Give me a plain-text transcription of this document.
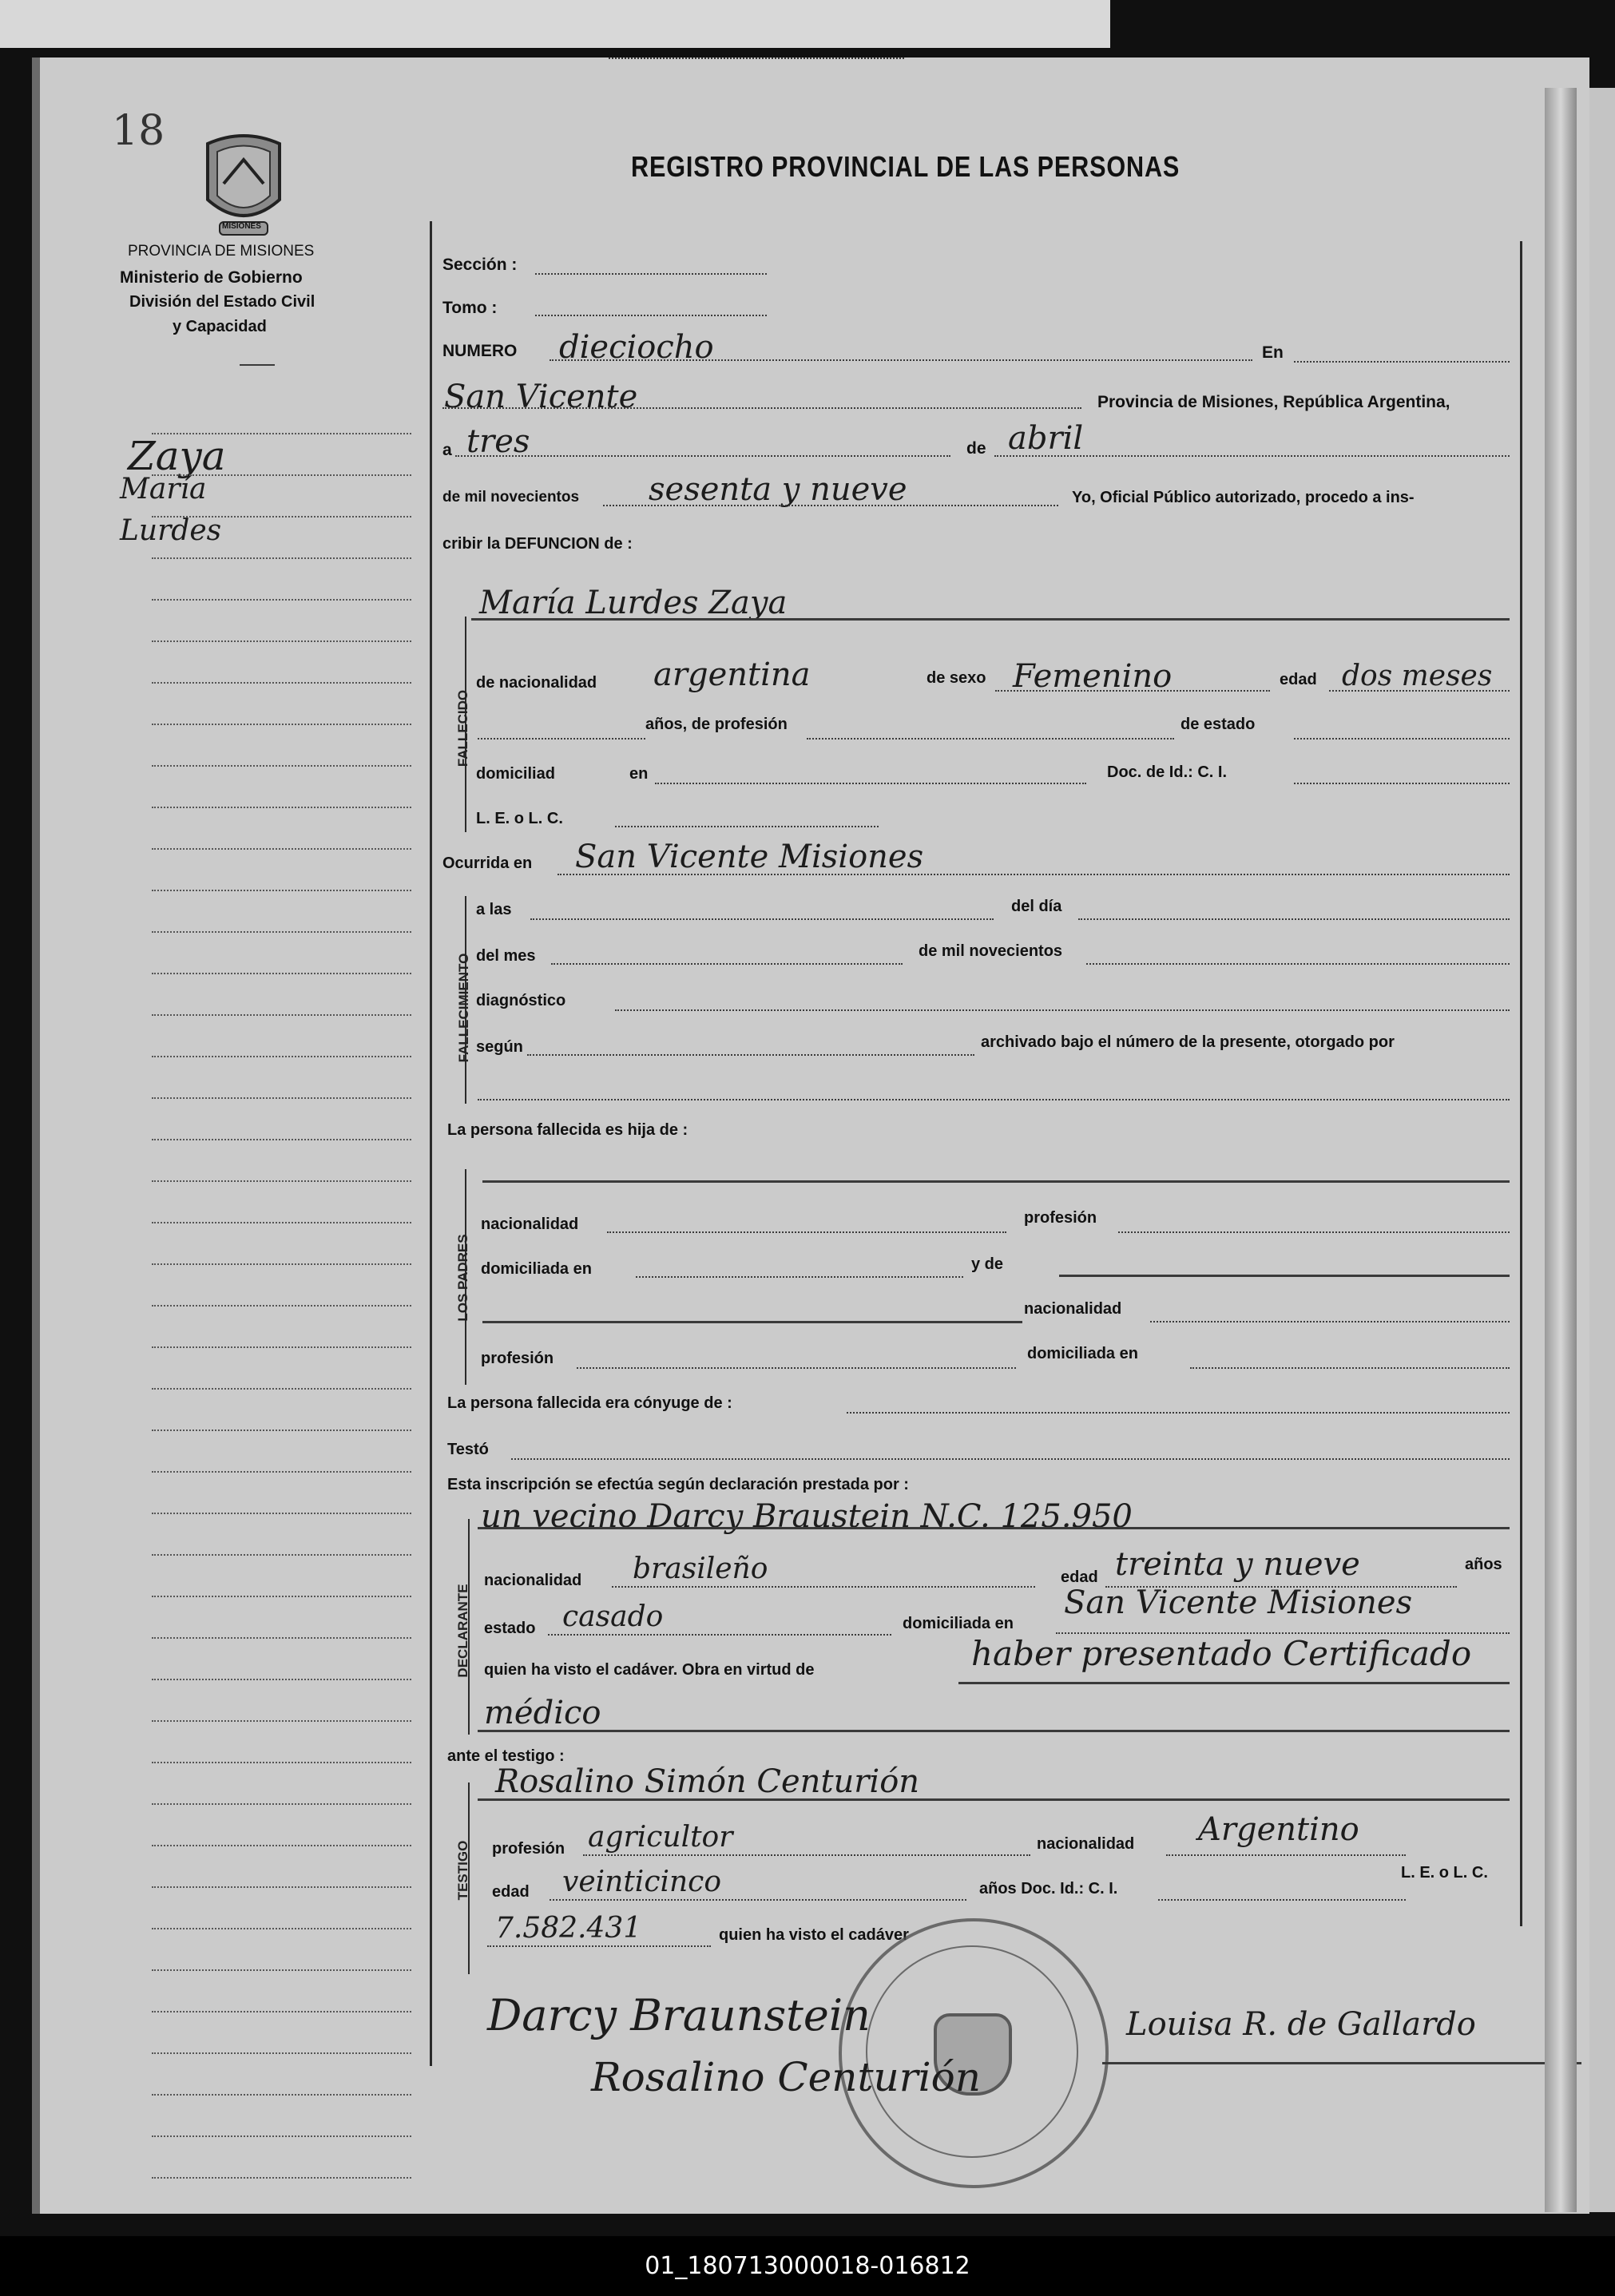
18
MISIONES
REGISTRO PROVINCIAL DE LAS PERSONAS
PROVINCIA DE MISIONES
Ministerio de Gobierno
División del Estado Civil
y Capacidad
Zaya
María
Lurdes
Sección :
Tomo :
NUMERO dieciocho	En
San Vicente	Provincia de Misiones, República Argentina,
a tres	de abril
de mil novecientos sesenta y nueve	Yo, Oficial Público autorizado, procedo a ins-
cribir la DEFUNCION de :
FALLECIDO
María Lurdes Zaya
de nacionalidad argentina	de sexo Femenino	edad dos meses
años, de profesión	de estado
domiciliad	en	Doc. de Id.: C. I.
L. E. o L. C.
Ocurrida en San Vicente Misiones
FALLECIMIENTO
a las	del día
del mes	de mil novecientos
diagnóstico
según	archivado bajo el número de la presente, otorgado por
La persona fallecida es hija de :
LOS PADRES
nacionalidad	profesión
domiciliada en	y de
nacionalidad
profesión	domiciliada en
La persona fallecida era cónyuge de :
Testó
Esta inscripción se efectúa según declaración prestada por :
DECLARANTE
un vecino Darcy Braustein N.C. 125.950
nacionalidad brasileño	edad treinta y nueve	años
estado casado	domiciliada en
San Vicente Misiones
quien ha visto el cadáver. Obra en virtud de	haber presentado Certificado
médico
ante el testigo :
TESTIGO
Rosalino Simón Centurión
profesión agricultor	nacionalidad Argentino
edad veinticinco	años Doc. Id.: C. I.
L. E. o L. C.
7.582.431	quien ha visto el cadáver
Darcy Braunstein
Rosalino Centurión
Louisa R. de Gallardo
01_180713000018-016812
